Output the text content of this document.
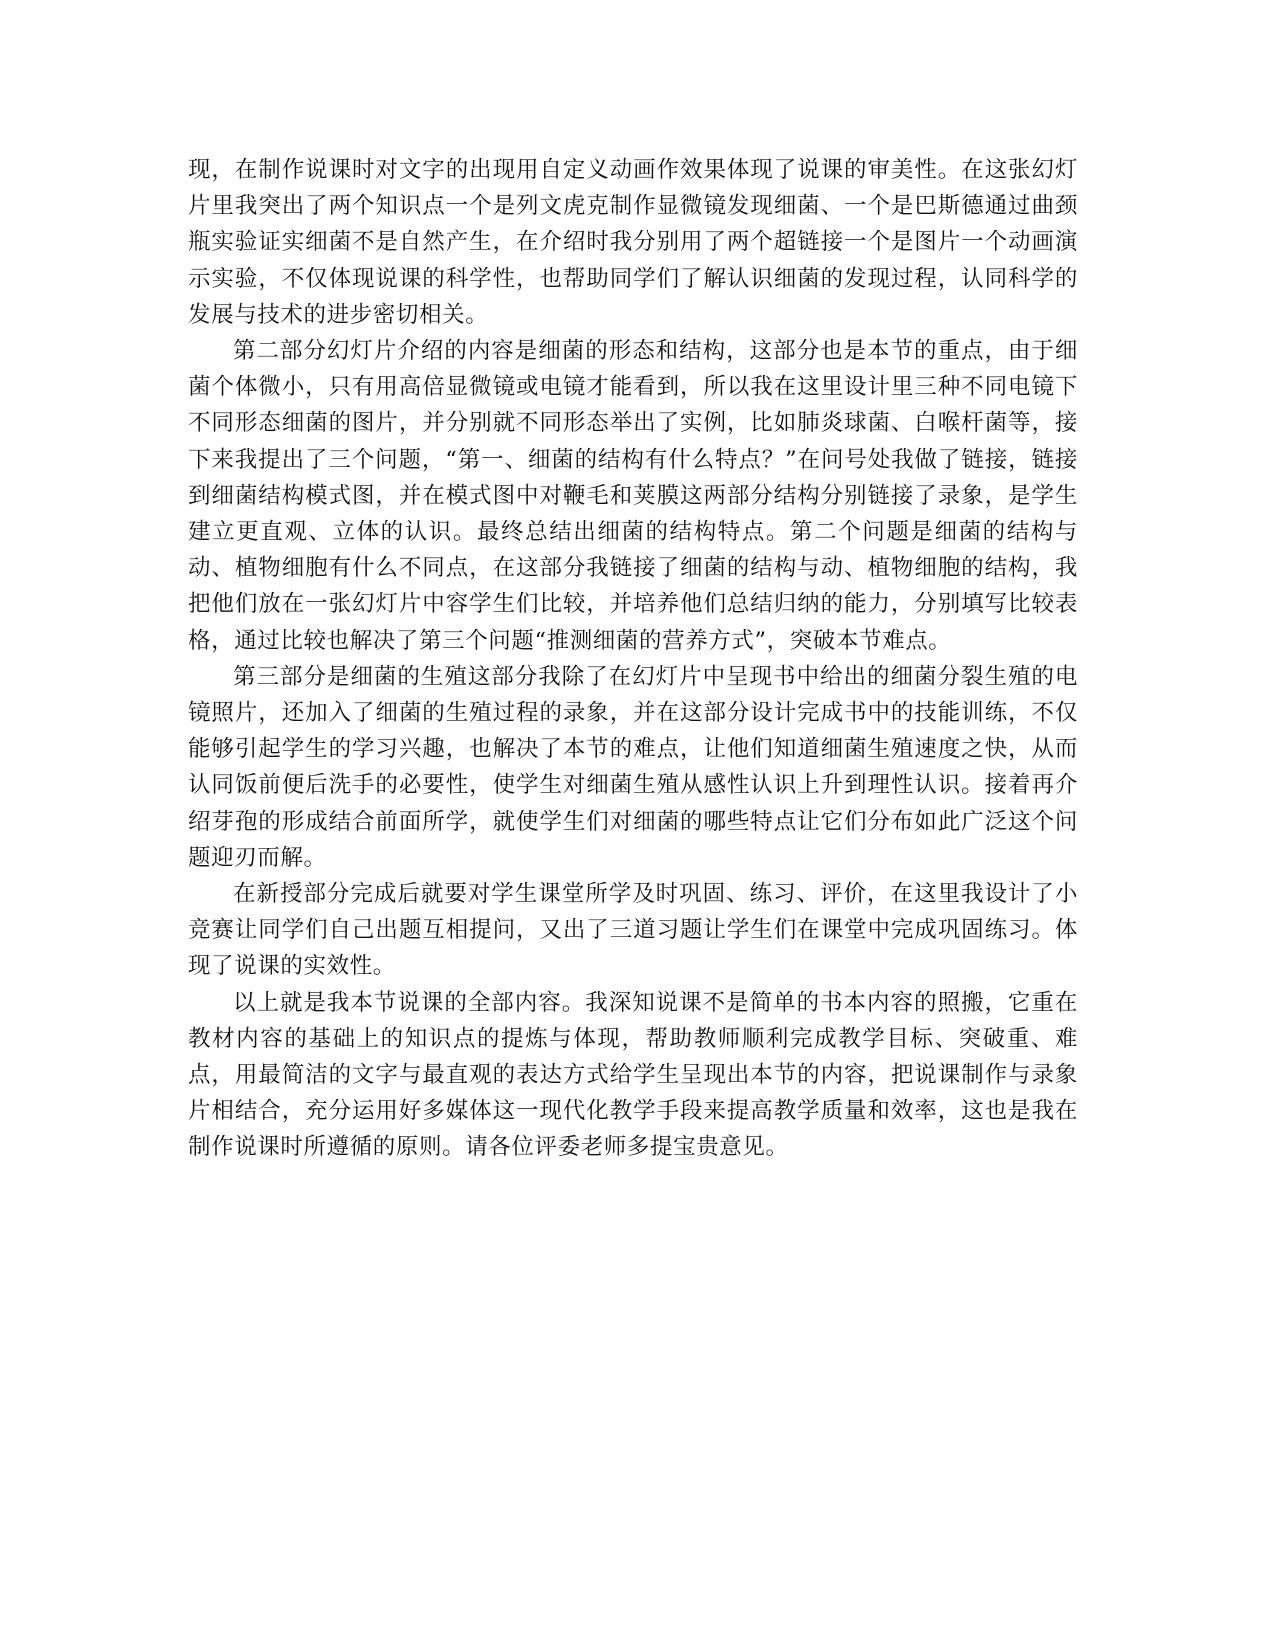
现，在制作说课时对文字的出现用自定义动画作效果体现了说课的审美性。在这张幻灯片里我突出了两个知识点一个是列文虎克制作显微镜发现细菌、一个是巴斯德通过曲颈瓶实验证实细菌不是自然产生，在介绍时我分别用了两个超链接一个是图片一个动画演示实验，不仅体现说课的科学性，也帮助同学们了解认识细菌的发现过程，认同科学的发展与技术的进步密切相关。

第二部分幻灯片介绍的内容是细菌的形态和结构，这部分也是本节的重点，由于细菌个体微小，只有用高倍显微镜或电镜才能看到，所以我在这里设计里三种不同电镜下不同形态细菌的图片，并分别就不同形态举出了实例，比如肺炎球菌、白喉杆菌等，接下来我提出了三个问题，“第一、细菌的结构有什么特点？”在问号处我做了链接，链接到细菌结构模式图，并在模式图中对鞭毛和荚膜这两部分结构分别链接了录象，是学生建立更直观、立体的认识。最终总结出细菌的结构特点。第二个问题是细菌的结构与动、植物细胞有什么不同点，在这部分我链接了细菌的结构与动、植物细胞的结构，我把他们放在一张幻灯片中容学生们比较，并培养他们总结归纳的能力，分别填写比较表格，通过比较也解决了第三个问题“推测细菌的营养方式”，突破本节难点。

第三部分是细菌的生殖这部分我除了在幻灯片中呈现书中给出的细菌分裂生殖的电镜照片，还加入了细菌的生殖过程的录象，并在这部分设计完成书中的技能训练，不仅能够引起学生的学习兴趣，也解决了本节的难点，让他们知道细菌生殖速度之快，从而认同饭前便后洗手的必要性，使学生对细菌生殖从感性认识上升到理性认识。接着再介绍芽孢的形成结合前面所学，就使学生们对细菌的哪些特点让它们分布如此广泛这个问题迎刃而解。

在新授部分完成后就要对学生课堂所学及时巩固、练习、评价，在这里我设计了小竞赛让同学们自己出题互相提问，又出了三道习题让学生们在课堂中完成巩固练习。体现了说课的实效性。

以上就是我本节说课的全部内容。我深知说课不是简单的书本内容的照搬，它重在教材内容的基础上的知识点的提炼与体现，帮助教师顺利完成教学目标、突破重、难点，用最简洁的文字与最直观的表达方式给学生呈现出本节的内容，把说课制作与录象片相结合，充分运用好多媒体这一现代化教学手段来提高教学质量和效率，这也是我在制作说课时所遵循的原则。请各位评委老师多提宝贵意见。
